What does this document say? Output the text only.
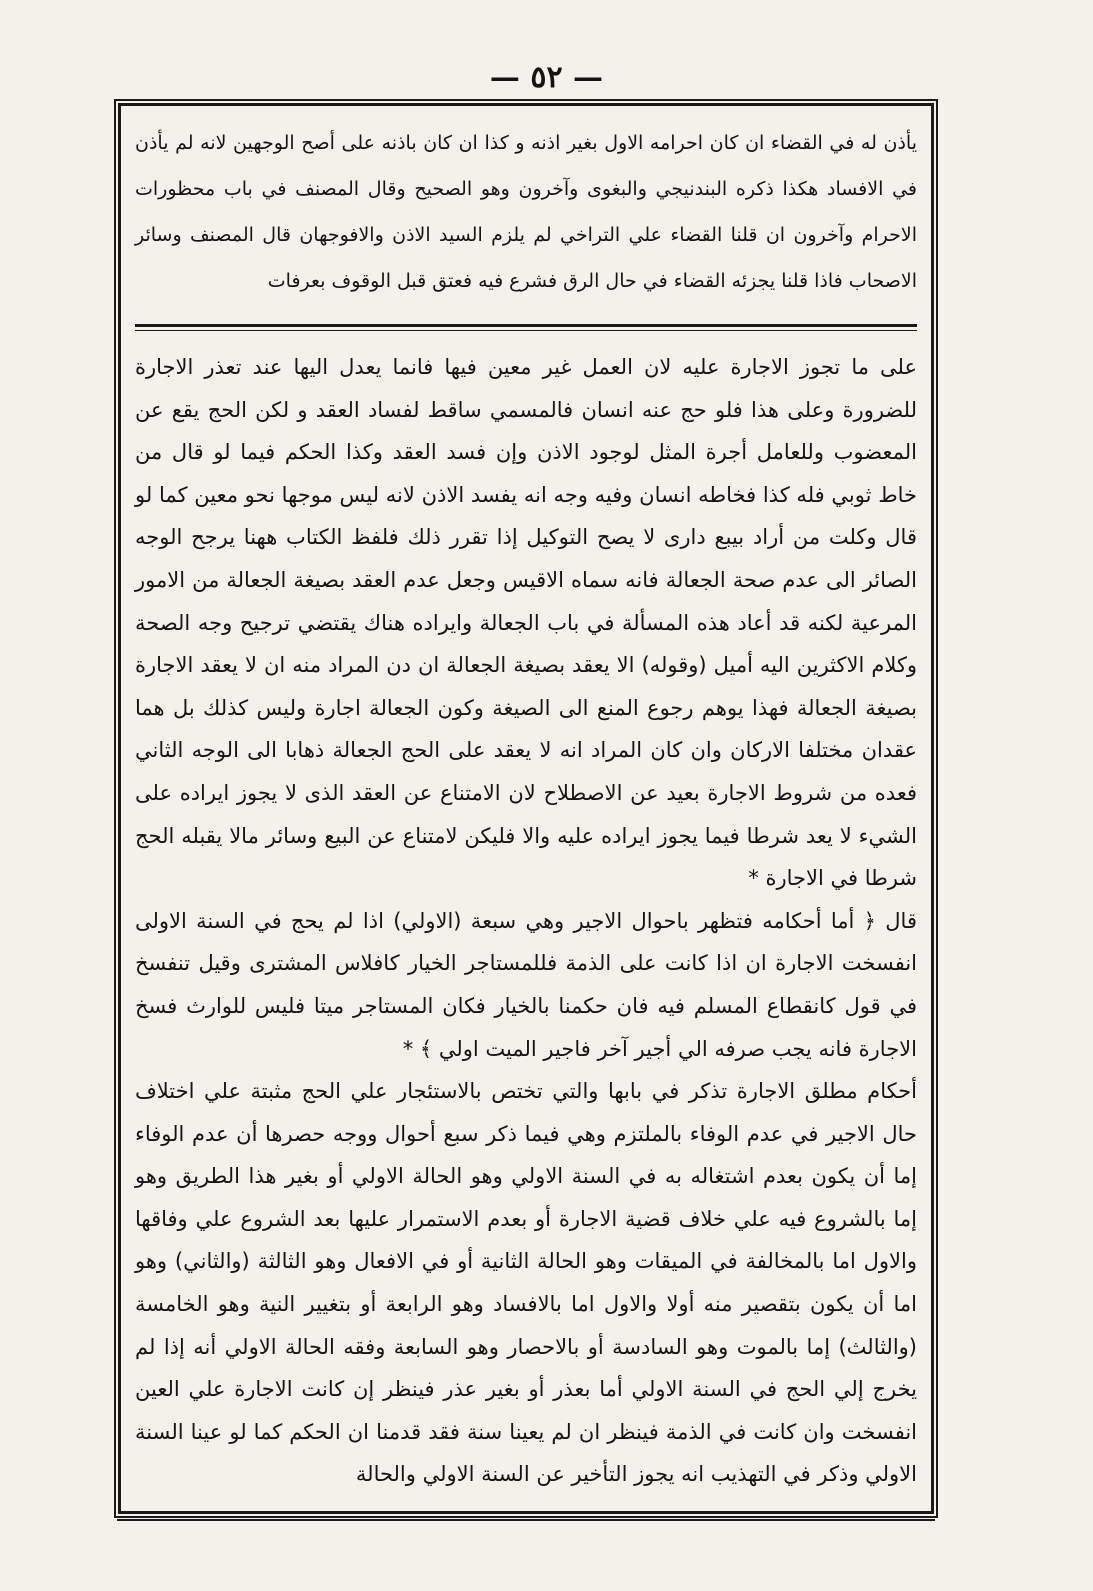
— ٥٢ —

يأذن له في القضاء ان كان احرامه الاول بغير اذنه و كذا ان كان باذنه على أصح الوجهين لانه لم يأذن في الافساد هكذا ذكره البندنيجي والبغوى وآخرون وهو الصحيح وقال المصنف في باب محظورات الاحرام وآخرون ان قلنا القضاء علي التراخي لم يلزم السيد الاذن والافوجهان قال المصنف وسائر الاصحاب فاذا قلنا يجزئه القضاء في حال الرق فشرع فيه فعتق قبل الوقوف بعرفات

على ما تجوز الاجارة عليه لان العمل غير معين فيها فانما يعدل اليها عند تعذر الاجارة للضرورة وعلى هذا فلو حج عنه انسان فالمسمي ساقط لفساد العقد و لكن الحج يقع عن المعضوب وللعامل أجرة المثل لوجود الاذن وإن فسد العقد وكذا الحكم فيما لو قال من خاط ثوبي فله كذا فخاطه انسان وفيه وجه انه يفسد الاذن لانه ليس موجها نحو معين كما لو قال وكلت من أراد بيبع دارى لا يصح التوكيل إذا تقرر ذلك فلفظ الكتاب ههنا يرجح الوجه الصائر الى عدم صحة الجعالة فانه سماه الاقيس وجعل عدم العقد بصيغة الجعالة من الامور المرعية لكنه قد أعاد هذه المسألة في باب الجعالة وايراده هناك يقتضي ترجيح وجه الصحة وكلام الاكثرين اليه أميل (وقوله) الا يعقد بصيغة الجعالة ان دن المراد منه ان لا يعقد الاجارة بصيغة الجعالة فهذا يوهم رجوع المنع الى الصيغة وكون الجعالة اجارة وليس كذلك بل هما عقدان مختلفا الاركان وان كان المراد انه لا يعقد على الحج الجعالة ذهابا الى الوجه الثاني فعده من شروط الاجارة بعيد عن الاصطلاح لان الامتناع عن العقد الذى لا يجوز ايراده على الشيء لا يعد شرطا فيما يجوز ايراده عليه والا فليكن لامتناع عن البيع وسائر مالا يقبله الحج شرطا في الاجارة *

قال ﴿ أما أحكامه فتظهر باحوال الاجير وهي سبعة (الاولي) اذا لم يحج في السنة الاولى انفسخت الاجارة ان اذا كانت على الذمة فللمستاجر الخيار كافلاس المشترى وقيل تنفسخ في قول كانقطاع المسلم فيه فان حكمنا بالخيار فكان المستاجر ميتا فليس للوارث فسخ الاجارة فانه يجب صرفه الي أجير آخر فاجير الميت اولي ﴾ *

أحكام مطلق الاجارة تذكر في بابها والتي تختص بالاستئجار علي الحج مثبتة علي اختلاف حال الاجير في عدم الوفاء بالملتزم وهي فيما ذكر سبع أحوال ووجه حصرها أن عدم الوفاء إما أن يكون بعدم اشتغاله به في السنة الاولي وهو الحالة الاولي أو بغير هذا الطريق وهو إما بالشروع فيه علي خلاف قضية الاجارة أو بعدم الاستمرار عليها بعد الشروع علي وفاقها والاول اما بالمخالفة في الميقات وهو الحالة الثانية أو في الافعال وهو الثالثة (والثاني) وهو اما أن يكون بتقصير منه أولا والاول اما بالافساد وهو الرابعة أو بتغيير النية وهو الخامسة (والثالث) إما بالموت وهو السادسة أو بالاحصار وهو السابعة وفقه الحالة الاولي أنه إذا لم يخرج إلي الحج في السنة الاولي أما بعذر أو بغير عذر فينظر إن كانت الاجارة علي العين انفسخت وان كانت في الذمة فينظر ان لم يعينا سنة فقد قدمنا ان الحكم كما لو عينا السنة الاولي وذكر في التهذيب انه يجوز التأخير عن السنة الاولي والحالة
